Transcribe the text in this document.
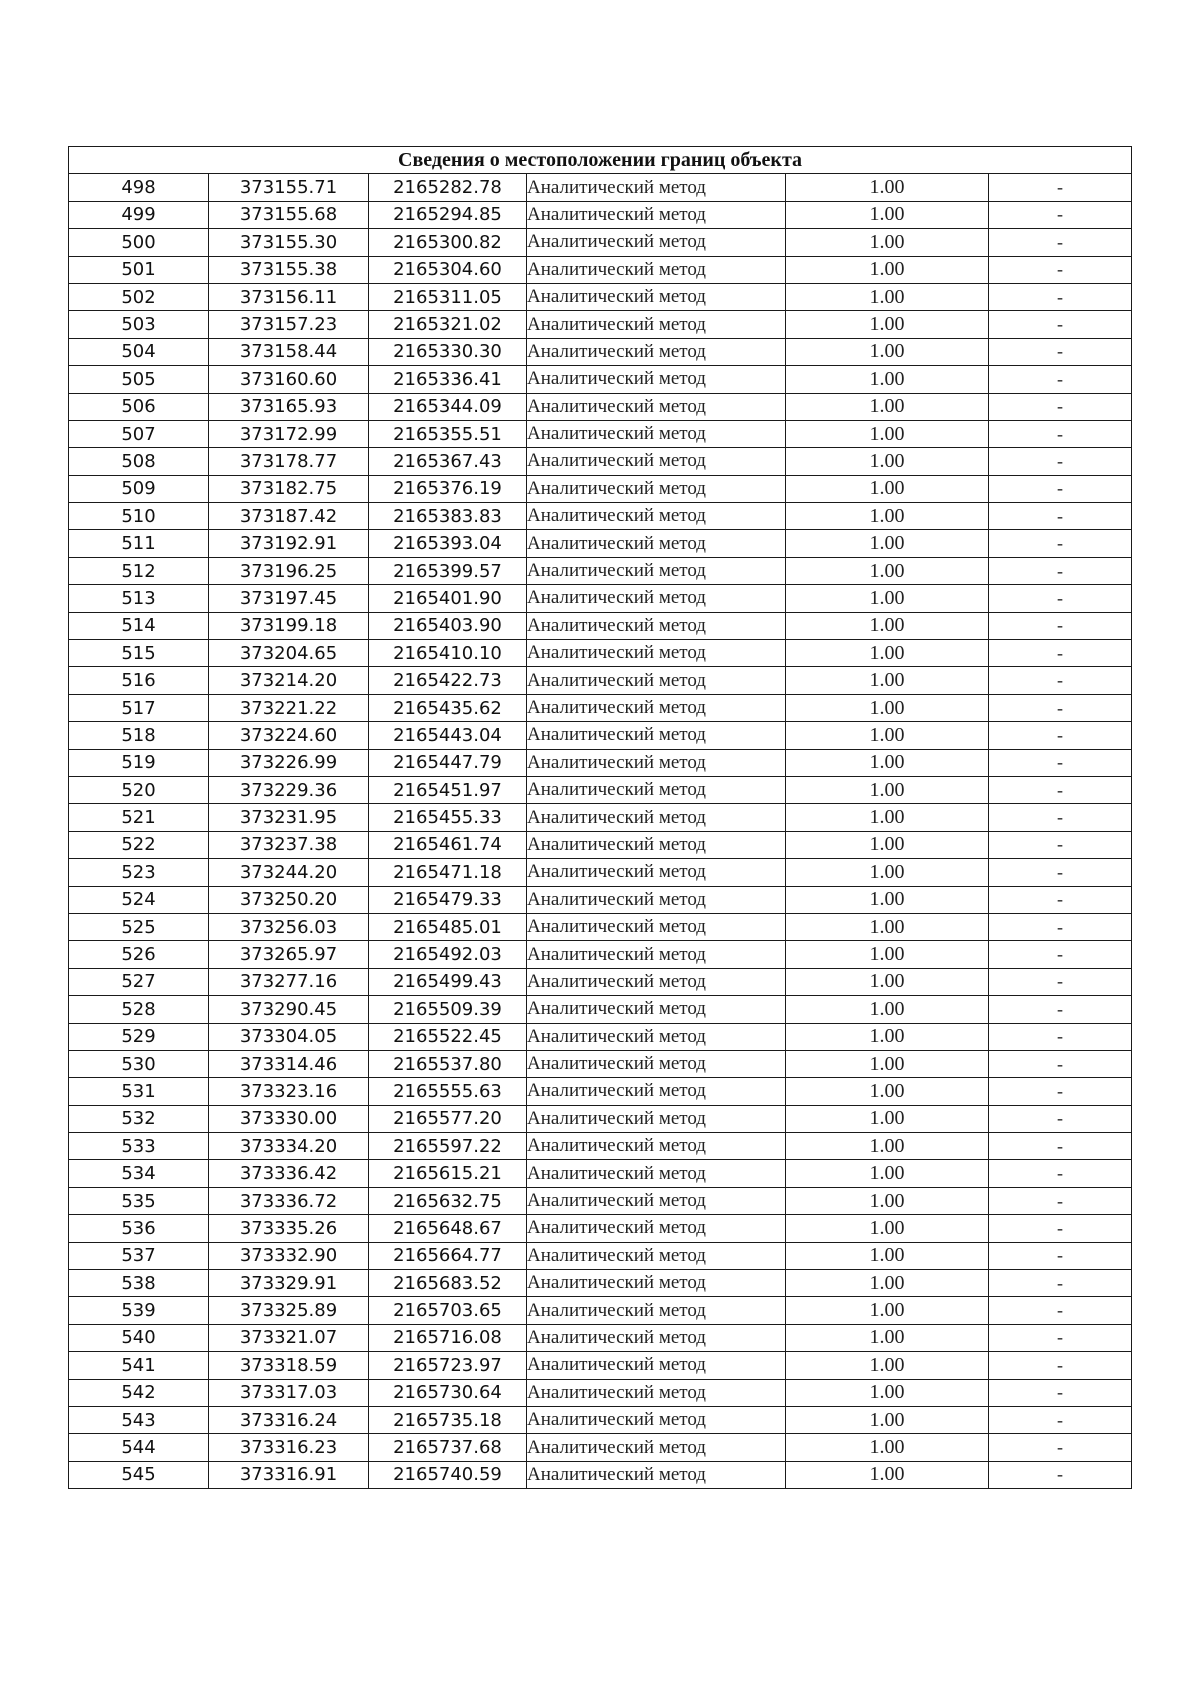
Сведения о местоположении границ объекта					
498	373155.71	2165282.78	Аналитический метод	1.00	-
499	373155.68	2165294.85	Аналитический метод	1.00	-
500	373155.30	2165300.82	Аналитический метод	1.00	-
501	373155.38	2165304.60	Аналитический метод	1.00	-
502	373156.11	2165311.05	Аналитический метод	1.00	-
503	373157.23	2165321.02	Аналитический метод	1.00	-
504	373158.44	2165330.30	Аналитический метод	1.00	-
505	373160.60	2165336.41	Аналитический метод	1.00	-
506	373165.93	2165344.09	Аналитический метод	1.00	-
507	373172.99	2165355.51	Аналитический метод	1.00	-
508	373178.77	2165367.43	Аналитический метод	1.00	-
509	373182.75	2165376.19	Аналитический метод	1.00	-
510	373187.42	2165383.83	Аналитический метод	1.00	-
511	373192.91	2165393.04	Аналитический метод	1.00	-
512	373196.25	2165399.57	Аналитический метод	1.00	-
513	373197.45	2165401.90	Аналитический метод	1.00	-
514	373199.18	2165403.90	Аналитический метод	1.00	-
515	373204.65	2165410.10	Аналитический метод	1.00	-
516	373214.20	2165422.73	Аналитический метод	1.00	-
517	373221.22	2165435.62	Аналитический метод	1.00	-
518	373224.60	2165443.04	Аналитический метод	1.00	-
519	373226.99	2165447.79	Аналитический метод	1.00	-
520	373229.36	2165451.97	Аналитический метод	1.00	-
521	373231.95	2165455.33	Аналитический метод	1.00	-
522	373237.38	2165461.74	Аналитический метод	1.00	-
523	373244.20	2165471.18	Аналитический метод	1.00	-
524	373250.20	2165479.33	Аналитический метод	1.00	-
525	373256.03	2165485.01	Аналитический метод	1.00	-
526	373265.97	2165492.03	Аналитический метод	1.00	-
527	373277.16	2165499.43	Аналитический метод	1.00	-
528	373290.45	2165509.39	Аналитический метод	1.00	-
529	373304.05	2165522.45	Аналитический метод	1.00	-
530	373314.46	2165537.80	Аналитический метод	1.00	-
531	373323.16	2165555.63	Аналитический метод	1.00	-
532	373330.00	2165577.20	Аналитический метод	1.00	-
533	373334.20	2165597.22	Аналитический метод	1.00	-
534	373336.42	2165615.21	Аналитический метод	1.00	-
535	373336.72	2165632.75	Аналитический метод	1.00	-
536	373335.26	2165648.67	Аналитический метод	1.00	-
537	373332.90	2165664.77	Аналитический метод	1.00	-
538	373329.91	2165683.52	Аналитический метод	1.00	-
539	373325.89	2165703.65	Аналитический метод	1.00	-
540	373321.07	2165716.08	Аналитический метод	1.00	-
541	373318.59	2165723.97	Аналитический метод	1.00	-
542	373317.03	2165730.64	Аналитический метод	1.00	-
543	373316.24	2165735.18	Аналитический метод	1.00	-
544	373316.23	2165737.68	Аналитический метод	1.00	-
545	373316.91	2165740.59	Аналитический метод	1.00	-
